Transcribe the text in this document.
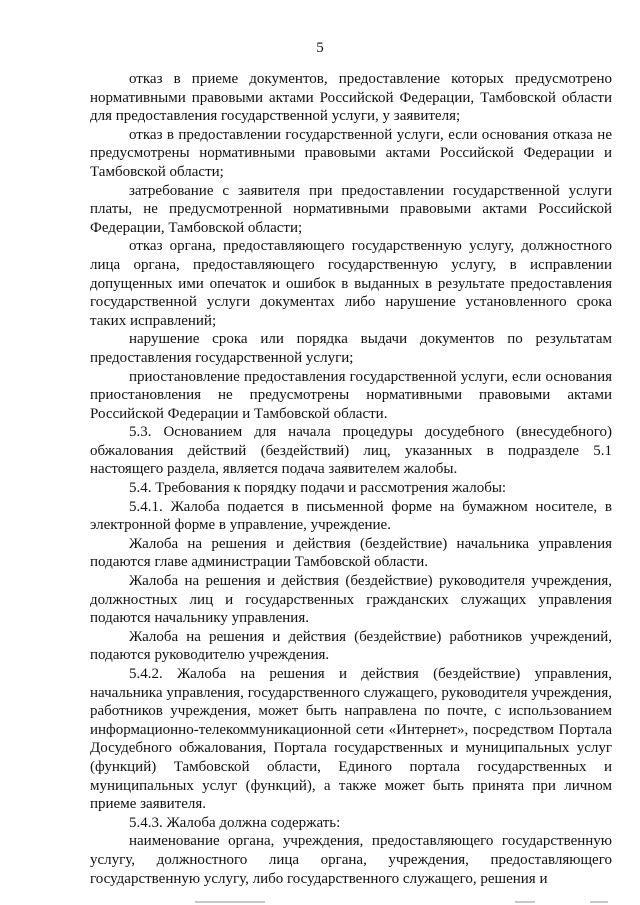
5

отказ в приеме документов, предоставление которых предусмотрено нормативными правовыми актами Российской Федерации, Тамбовской области для предоставления государственной услуги, у заявителя;

отказ в предоставлении государственной услуги, если основания отказа не предусмотрены нормативными правовыми актами Российской Федерации и Тамбовской области;

затребование с заявителя при предоставлении государственной услуги платы, не предусмотренной нормативными правовыми актами Российской Федерации, Тамбовской области;

отказ органа, предоставляющего государственную услугу, должностного лица органа, предоставляющего государственную услугу, в исправлении допущенных ими опечаток и ошибок в выданных в результате предоставления государственной услуги документах либо нарушение установленного срока таких исправлений;

нарушение срока или порядка выдачи документов по результатам предоставления государственной услуги;

приостановление предоставления государственной услуги, если основания приостановления не предусмотрены нормативными правовыми актами Российской Федерации и Тамбовской области.

5.3. Основанием для начала процедуры досудебного (внесудебного) обжалования действий (бездействий) лиц, указанных в подразделе 5.1 настоящего раздела, является подача заявителем жалобы.

5.4. Требования к порядку подачи и рассмотрения жалобы:

5.4.1. Жалоба подается в письменной форме на бумажном носителе, в электронной форме в управление, учреждение.

Жалоба на решения и действия (бездействие) начальника управления подаются главе администрации Тамбовской области.

Жалоба на решения и действия (бездействие) руководителя учреждения, должностных лиц и государственных гражданских служащих управления подаются начальнику управления.

Жалоба на решения и действия (бездействие) работников учреждений, подаются руководителю учреждения.

5.4.2. Жалоба на решения и действия (бездействие) управления, начальника управления, государственного служащего, руководителя учреждения, работников учреждения, может быть направлена по почте, с использованием информационно-телекоммуникационной сети «Интернет», посредством Портала Досудебного обжалования, Портала государственных и муниципальных услуг (функций) Тамбовской области, Единого портала государственных и муниципальных услуг (функций), а также может быть принята при личном приеме заявителя.

5.4.3. Жалоба должна содержать:

наименование органа, учреждения, предоставляющего государственную услугу, должностного лица органа, учреждения, предоставляющего государственную услугу, либо государственного служащего, решения и
